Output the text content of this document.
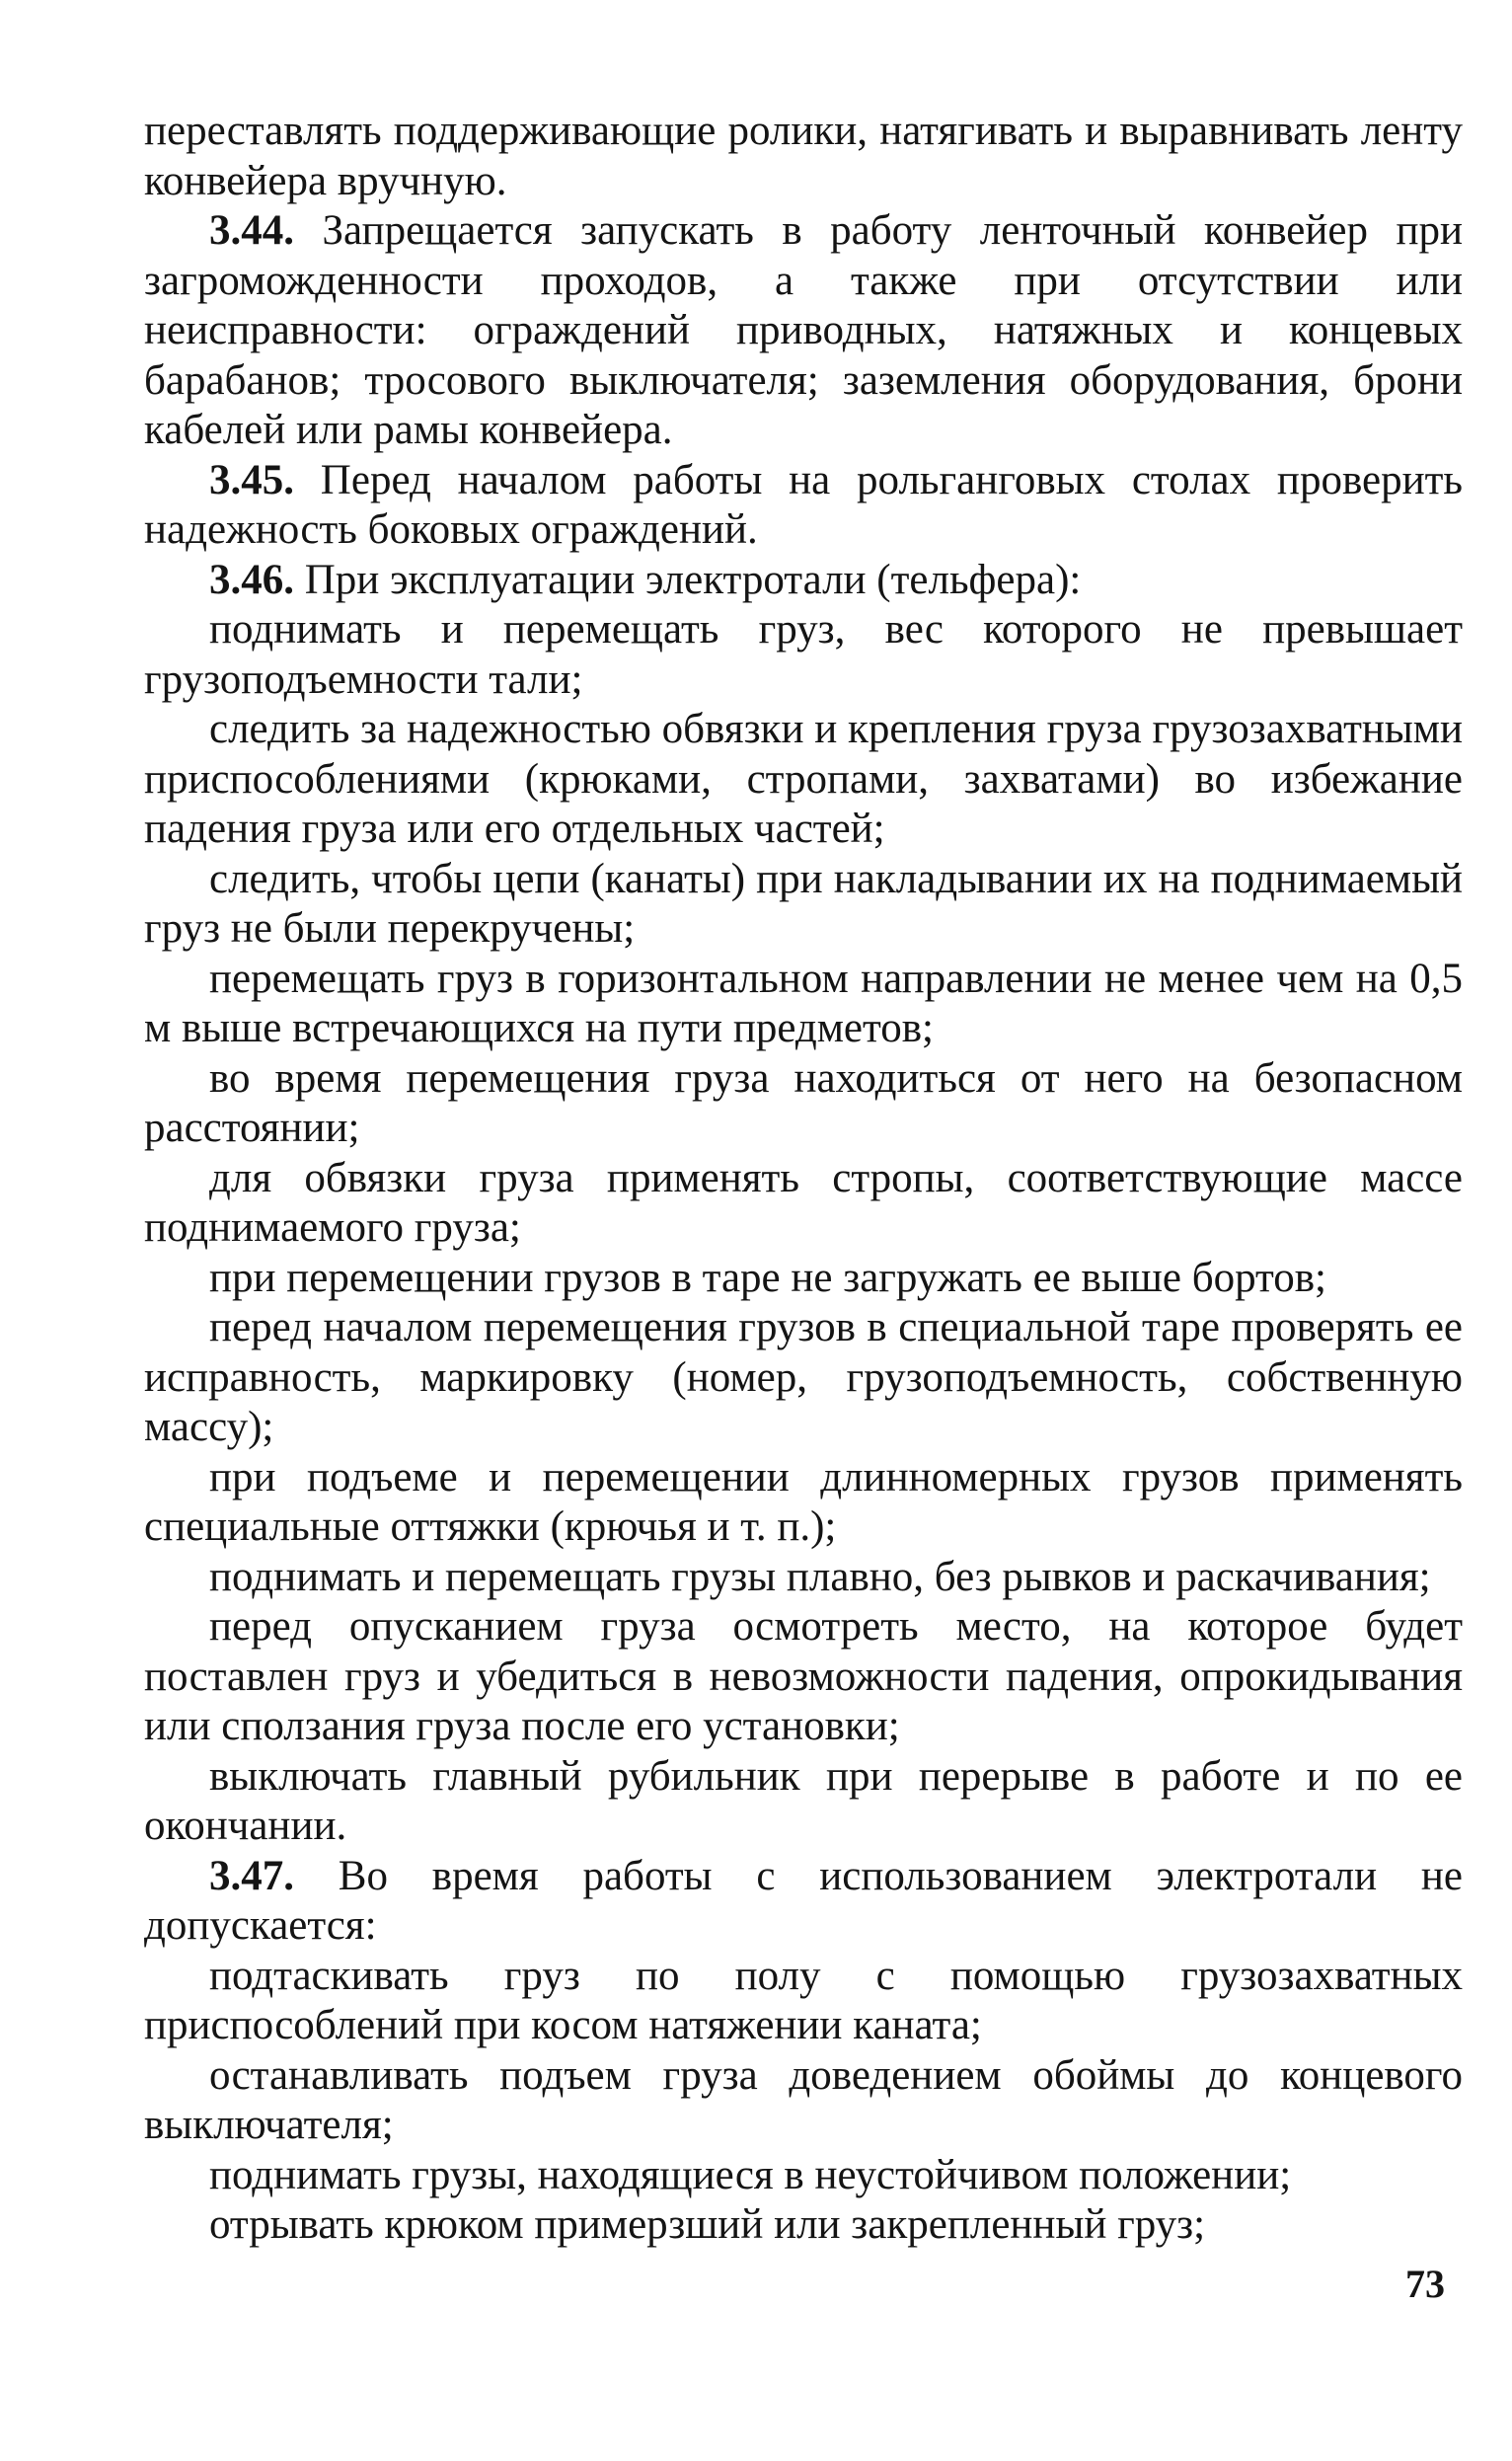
переставлять поддерживающие ролики, натягивать и выравнивать ленту конвейера вручную.

3.44. Запрещается запускать в работу ленточный конвейер при загроможденности проходов, а также при отсутствии или неисправности: ограждений приводных, натяжных и концевых барабанов; тросового выключателя; заземления оборудования, брони кабелей или рамы конвейера.

3.45. Перед началом работы на рольганговых столах проверить надежность боковых ограждений.

3.46. При эксплуатации электротали (тельфера):

поднимать и перемещать груз, вес которого не превышает грузоподъемности тали;

следить за надежностью обвязки и крепления груза грузозахватными приспособлениями (крюками, стропами, захватами) во избежание падения груза или его отдельных частей;

следить, чтобы цепи (канаты) при накладывании их на поднимаемый груз не были перекручены;

перемещать груз в горизонтальном направлении не менее чем на 0,5 м выше встречающихся на пути предметов;

во время перемещения груза находиться от него на безопасном расстоянии;

для обвязки груза применять стропы, соответствующие массе поднимаемого груза;

при перемещении грузов в таре не загружать ее выше бортов;

перед началом перемещения грузов в специальной таре проверять ее исправность, маркировку (номер, грузоподъемность, собственную массу);

при подъеме и перемещении длинномерных грузов применять специальные оттяжки (крючья и т. п.);

поднимать и перемещать грузы плавно, без рывков и раскачивания;

перед опусканием груза осмотреть место, на которое будет поставлен груз и убедиться в невозможности падения, опрокидывания или сползания груза после его установки;

выключать главный рубильник при перерыве в работе и по ее окончании.

3.47. Во время работы с использованием электротали не допускается:

подтаскивать груз по полу с помощью грузозахватных приспособлений при косом натяжении каната;

останавливать подъем груза доведением обоймы до концевого выключателя;

поднимать грузы, находящиеся в неустойчивом положении;

отрывать крюком примерзший или закрепленный груз;

73
